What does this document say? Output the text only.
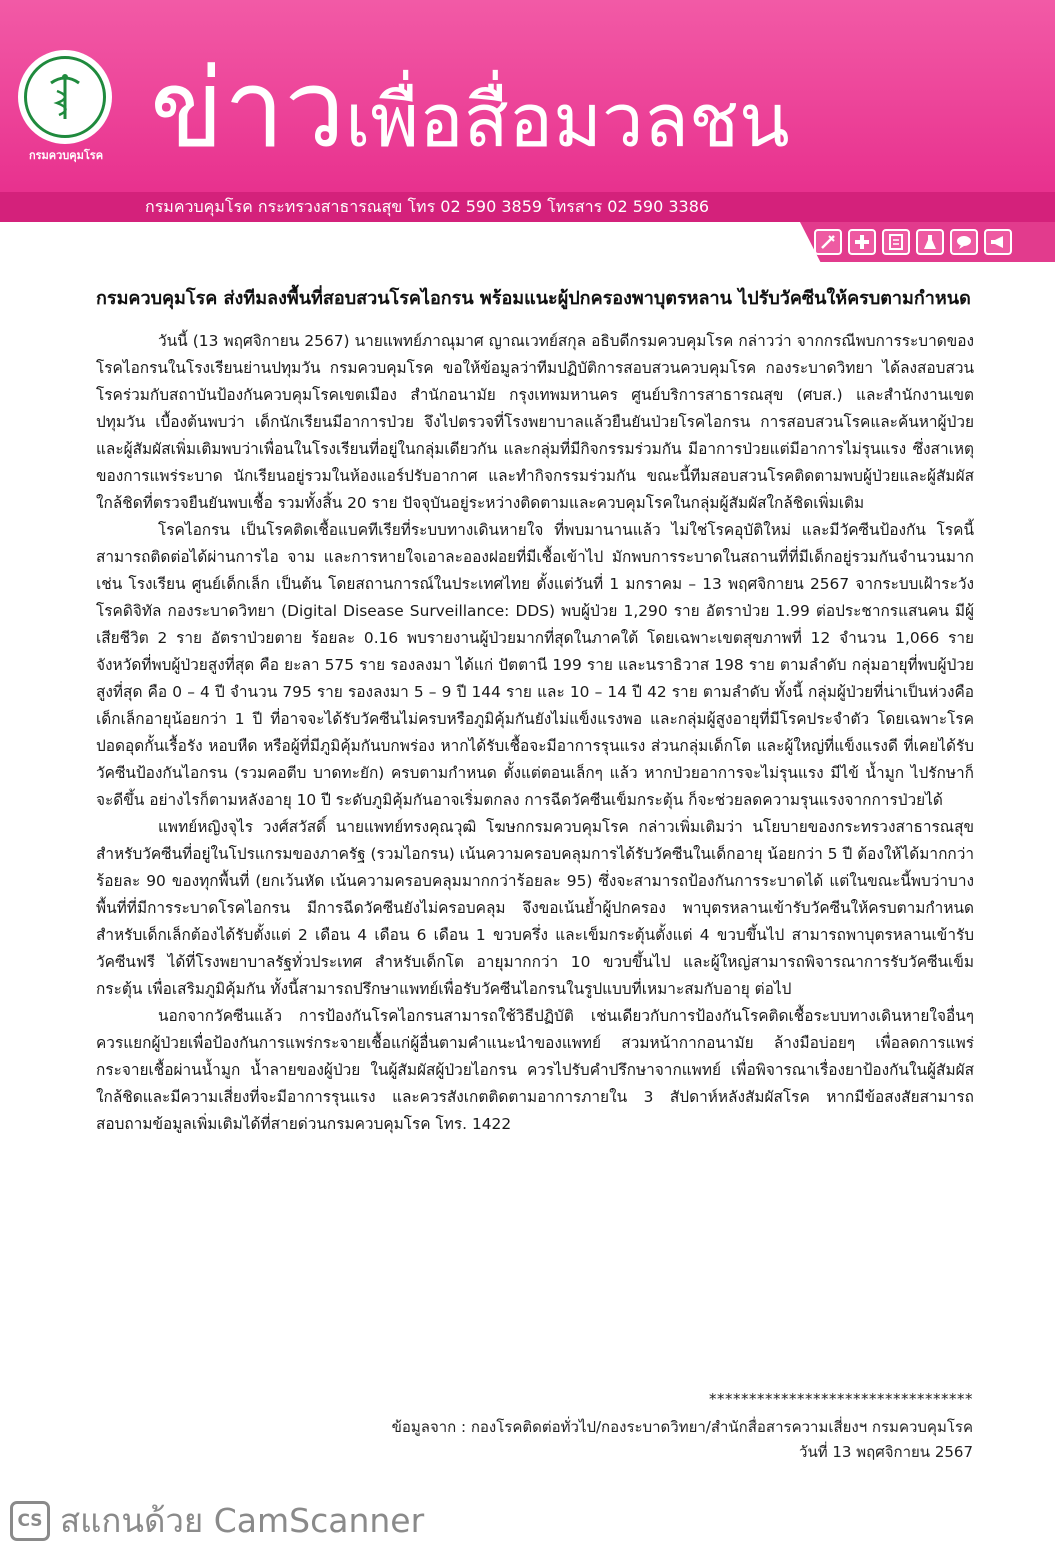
กรมควบคุมโรค ข่าวเพื่อสื่อมวลชน
กรมควบคุมโรค กระทรวงสาธารณสุข โทร 02 590 3859 โทรสาร 02 590 3386
กรมควบคุมโรค ส่งทีมลงพื้นที่สอบสวนโรคไอกรน พร้อมแนะผู้ปกครองพาบุตรหลาน ไปรับวัคซีนให้ครบตามกำหนด

วันนี้ (13 พฤศจิกายน 2567) นายแพทย์ภาณุมาศ ญาณเวทย์สกุล อธิบดีกรมควบคุมโรค กล่าวว่า จากกรณีพบการระบาดของโรคไอกรนในโรงเรียนย่านปทุมวัน กรมควบคุมโรค ขอให้ข้อมูลว่าทีมปฏิบัติการสอบสวนควบคุมโรค กองระบาดวิทยา ได้ลงสอบสวนโรคร่วมกับสถาบันป้องกันควบคุมโรคเขตเมือง สำนักอนามัย กรุงเทพมหานคร ศูนย์บริการสาธารณสุข (ศบส.) และสำนักงานเขตปทุมวัน เบื้องต้นพบว่า เด็กนักเรียนมีอาการป่วย จึงไปตรวจที่โรงพยาบาลแล้วยืนยันป่วยโรคไอกรน การสอบสวนโรคและค้นหาผู้ป่วยและผู้สัมผัสเพิ่มเติมพบว่าเพื่อนในโรงเรียนที่อยู่ในกลุ่มเดียวกัน และกลุ่มที่มีกิจกรรมร่วมกัน มีอาการป่วยแต่มีอาการไม่รุนแรง ซึ่งสาเหตุของการแพร่ระบาด นักเรียนอยู่รวมในห้องแอร์ปรับอากาศ และทำกิจกรรมร่วมกัน ขณะนี้ทีมสอบสวนโรคติดตามพบผู้ป่วยและผู้สัมผัสใกล้ชิดที่ตรวจยืนยันพบเชื้อ รวมทั้งสิ้น 20 ราย ปัจจุบันอยู่ระหว่างติดตามและควบคุมโรคในกลุ่มผู้สัมผัสใกล้ชิดเพิ่มเติม

โรคไอกรน เป็นโรคติดเชื้อแบคทีเรียที่ระบบทางเดินหายใจ ที่พบมานานแล้ว ไม่ใช่โรคอุบัติใหม่ และมีวัคซีนป้องกัน โรคนี้สามารถติดต่อได้ผ่านการไอ จาม และการหายใจเอาละอองฝอยที่มีเชื้อเข้าไป มักพบการระบาดในสถานที่ที่มีเด็กอยู่รวมกันจำนวนมาก เช่น โรงเรียน ศูนย์เด็กเล็ก เป็นต้น โดยสถานการณ์ในประเทศไทย ตั้งแต่วันที่ 1 มกราคม – 13 พฤศจิกายน 2567 จากระบบเฝ้าระวังโรคดิจิทัล กองระบาดวิทยา (Digital Disease Surveillance: DDS) พบผู้ป่วย 1,290 ราย อัตราป่วย 1.99 ต่อประชากรแสนคน มีผู้เสียชีวิต 2 ราย อัตราป่วยตาย ร้อยละ 0.16 พบรายงานผู้ป่วยมากที่สุดในภาคใต้ โดยเฉพาะเขตสุขภาพที่ 12 จำนวน 1,066 ราย จังหวัดที่พบผู้ป่วยสูงที่สุด คือ ยะลา 575 ราย รองลงมา ได้แก่ ปัตตานี 199 ราย และนราธิวาส 198 ราย ตามลำดับ กลุ่มอายุที่พบผู้ป่วยสูงที่สุด คือ 0 – 4 ปี จำนวน 795 ราย รองลงมา 5 – 9 ปี 144 ราย และ 10 – 14 ปี 42 ราย ตามลำดับ ทั้งนี้ กลุ่มผู้ป่วยที่น่าเป็นห่วงคือเด็กเล็กอายุน้อยกว่า 1 ปี ที่อาจจะได้รับวัคซีนไม่ครบหรือภูมิคุ้มกันยังไม่แข็งแรงพอ และกลุ่มผู้สูงอายุที่มีโรคประจำตัว โดยเฉพาะโรคปอดอุดกั้นเรื้อรัง หอบหืด หรือผู้ที่มีภูมิคุ้มกันบกพร่อง หากได้รับเชื้อจะมีอาการรุนแรง ส่วนกลุ่มเด็กโต และผู้ใหญ่ที่แข็งแรงดี ที่เคยได้รับวัคซีนป้องกันไอกรน (รวมคอตีบ บาดทะยัก) ครบตามกำหนด ตั้งแต่ตอนเล็กๆ แล้ว หากป่วยอาการจะไม่รุนแรง มีไข้ น้ำมูก ไปรักษาก็จะดีขึ้น อย่างไรก็ตามหลังอายุ 10 ปี ระดับภูมิคุ้มกันอาจเริ่มตกลง การฉีดวัคซีนเข็มกระตุ้น ก็จะช่วยลดความรุนแรงจากการป่วยได้

แพทย์หญิงจุไร วงศ์สวัสดิ์ นายแพทย์ทรงคุณวุฒิ โฆษกกรมควบคุมโรค กล่าวเพิ่มเติมว่า นโยบายของกระทรวงสาธารณสุข สำหรับวัคซีนที่อยู่ในโปรแกรมของภาครัฐ (รวมไอกรน) เน้นความครอบคลุมการได้รับวัคซีนในเด็กอายุ น้อยกว่า 5 ปี ต้องให้ได้มากกว่าร้อยละ 90 ของทุกพื้นที่ (ยกเว้นหัด เน้นความครอบคลุมมากกว่าร้อยละ 95) ซึ่งจะสามารถป้องกันการระบาดได้ แต่ในขณะนี้พบว่าบางพื้นที่ที่มีการระบาดโรคไอกรน มีการฉีดวัคซีนยังไม่ครอบคลุม จึงขอเน้นย้ำผู้ปกครอง พาบุตรหลานเข้ารับวัคซีนให้ครบตามกำหนด สำหรับเด็กเล็กต้องได้รับตั้งแต่ 2 เดือน 4 เดือน 6 เดือน 1 ขวบครึ่ง และเข็มกระตุ้นตั้งแต่ 4 ขวบขึ้นไป สามารถพาบุตรหลานเข้ารับวัคซีนฟรี ได้ที่โรงพยาบาลรัฐทั่วประเทศ สำหรับเด็กโต อายุมากกว่า 10 ขวบขึ้นไป และผู้ใหญ่สามารถพิจารณาการรับวัคซีนเข็มกระตุ้น เพื่อเสริมภูมิคุ้มกัน ทั้งนี้สามารถปรึกษาแพทย์เพื่อรับวัคซีนไอกรนในรูปแบบที่เหมาะสมกับอายุ ต่อไป

นอกจากวัคซีนแล้ว การป้องกันโรคไอกรนสามารถใช้วิธีปฏิบัติ เช่นเดียวกับการป้องกันโรคติดเชื้อระบบทางเดินหายใจอื่นๆ ควรแยกผู้ป่วยเพื่อป้องกันการแพร่กระจายเชื้อแก่ผู้อื่นตามคำแนะนำของแพทย์ สวมหน้ากากอนามัย ล้างมือบ่อยๆ เพื่อลดการแพร่กระจายเชื้อผ่านน้ำมูก น้ำลายของผู้ป่วย ในผู้สัมผัสผู้ป่วยไอกรน ควรไปรับคำปรึกษาจากแพทย์ เพื่อพิจารณาเรื่องยาป้องกันในผู้สัมผัสใกล้ชิดและมีความเสี่ยงที่จะมีอาการรุนแรง และควรสังเกตติดตามอาการภายใน 3 สัปดาห์หลังสัมผัสโรค หากมีข้อสงสัยสามารถสอบถามข้อมูลเพิ่มเติมได้ที่สายด่วนกรมควบคุมโรค โทร. 1422

*********************************
ข้อมูลจาก : กองโรคติดต่อทั่วไป/กองระบาดวิทยา/สำนักสื่อสารความเสี่ยงฯ กรมควบคุมโรค
วันที่ 13 พฤศจิกายน 2567
CS สแกนด้วย CamScanner
